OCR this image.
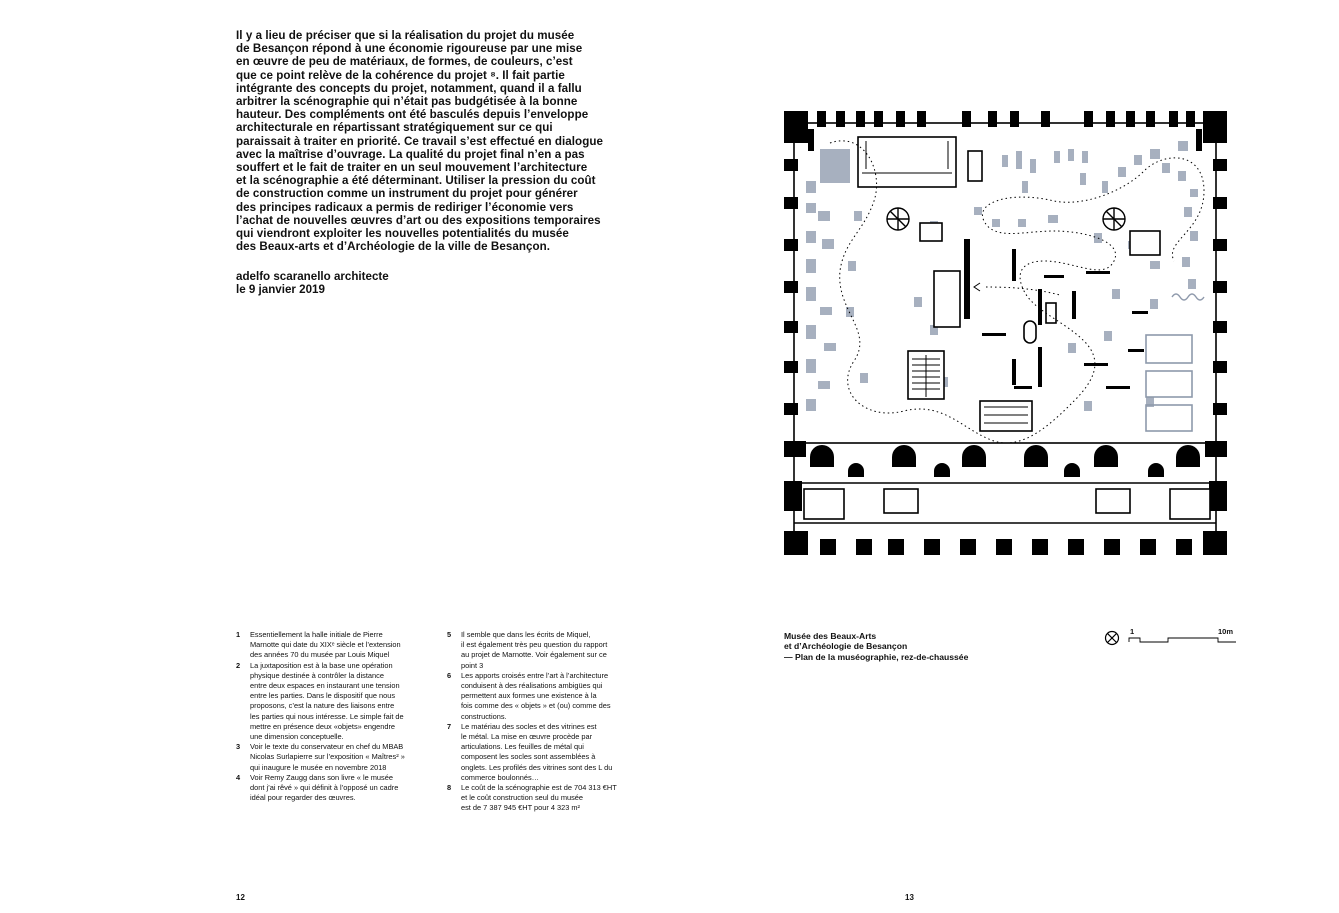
Il y a lieu de préciser que si la réalisation du projet du musée
de Besançon répond à une économie rigoureuse par une mise
en œuvre de peu de matériaux, de formes, de couleurs, c’est
que ce point relève de la cohérence du projet ⁸. Il fait partie
intégrante des concepts du projet, notamment, quand il a fallu
arbitrer la scénographie qui n’était pas budgétisée à la bonne
hauteur. Des compléments ont été basculés depuis l’enveloppe
architecturale en répartissant stratégiquement sur ce qui
paraissait à traiter en priorité. Ce travail s’est effectué en dialogue
avec la maîtrise d’ouvrage. La qualité du projet final n’en a pas
souffert et le fait de traiter en un seul mouvement l’architecture
et la scénographie a été déterminant. Utiliser la pression du coût
de construction comme un instrument du projet pour générer
des principes radicaux a permis de rediriger l’économie vers
l’achat de nouvelles œuvres d’art ou des expositions temporaires
qui viendront exploiter les nouvelles potentialités du musée
des Beaux-arts et d’Archéologie de la ville de Besançon.

adelfo scaranello architecte
le 9 janvier 2019
1 Essentiellement la halle initiale de Pierre
Marnotte qui date du XIXᵉ siècle et l’extension
des années 70 du musée par Louis Miquel
2 La juxtaposition est à la base une opération
physique destinée à contrôler la distance
entre deux espaces en instaurant une tension
entre les parties. Dans le dispositif que nous
proposons, c’est la nature des liaisons entre
les parties qui nous intéresse. Le simple fait de
mettre en présence deux «objets» engendre
une dimension conceptuelle.
3 Voir le texte du conservateur en chef du MBAB
Nicolas Surlapierre sur l’exposition « Maîtres² »
qui inaugure le musée en novembre 2018
4 Voir Remy Zaugg dans son livre « le musée
dont j’ai rêvé » qui définit à l’opposé un cadre
idéal pour regarder des œuvres.
5 Il semble que dans les écrits de Miquel,
il est également très peu question du rapport
au projet de Marnotte. Voir également sur ce
point 3
6 Les apports croisés entre l’art à l’architecture
conduisent à des réalisations ambigües qui
permettent aux formes une existence à la
fois comme des « objets » et (ou) comme des
constructions.
7 Le matériau des socles et des vitrines est
le métal. La mise en œuvre procède par
articulations. Les feuilles de métal qui
composent les socles sont assemblées à
onglets. Les profilés des vitrines sont des L du
commerce boulonnés…
8 Le coût de la scénographie est de 704 313 €HT
et le coût construction seul du musée
est de 7 387 945 €HT pour 4 323 m²
12
Musée des Beaux-Arts
et d’Archéologie de Besançon
— Plan de la muséographie, rez-de-chaussée
1	10m
13
